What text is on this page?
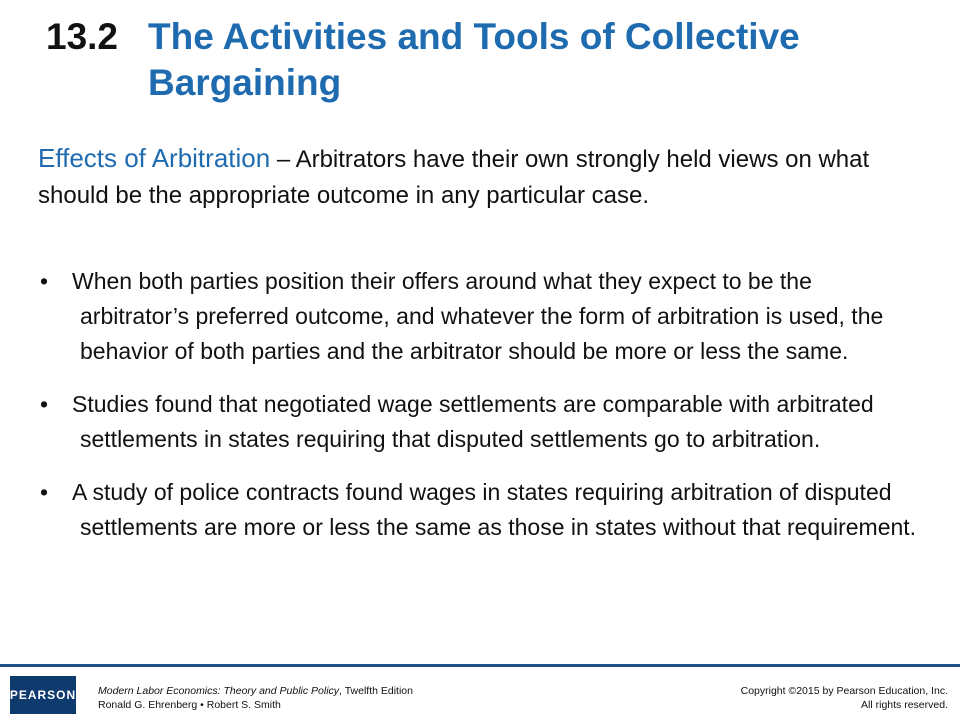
13.2 The Activities and Tools of Collective Bargaining
Effects of Arbitration – Arbitrators have their own strongly held views on what should be the appropriate outcome in any particular case.
• When both parties position their offers around what they expect to be the arbitrator’s preferred outcome, and whatever the form of arbitration is used, the behavior of both parties and the arbitrator should be more or less the same.
• Studies found that negotiated wage settlements are comparable with arbitrated settlements in states requiring that disputed settlements go to arbitration.
• A study of police contracts found wages in states requiring arbitration of disputed settlements are more or less the same as those in states without that requirement.
PEARSON Modern Labor Economics: Theory and Public Policy, Twelfth Edition
Ronald G. Ehrenberg • Robert S. Smith
Copyright ©2015 by Pearson Education, Inc.
All rights reserved.
